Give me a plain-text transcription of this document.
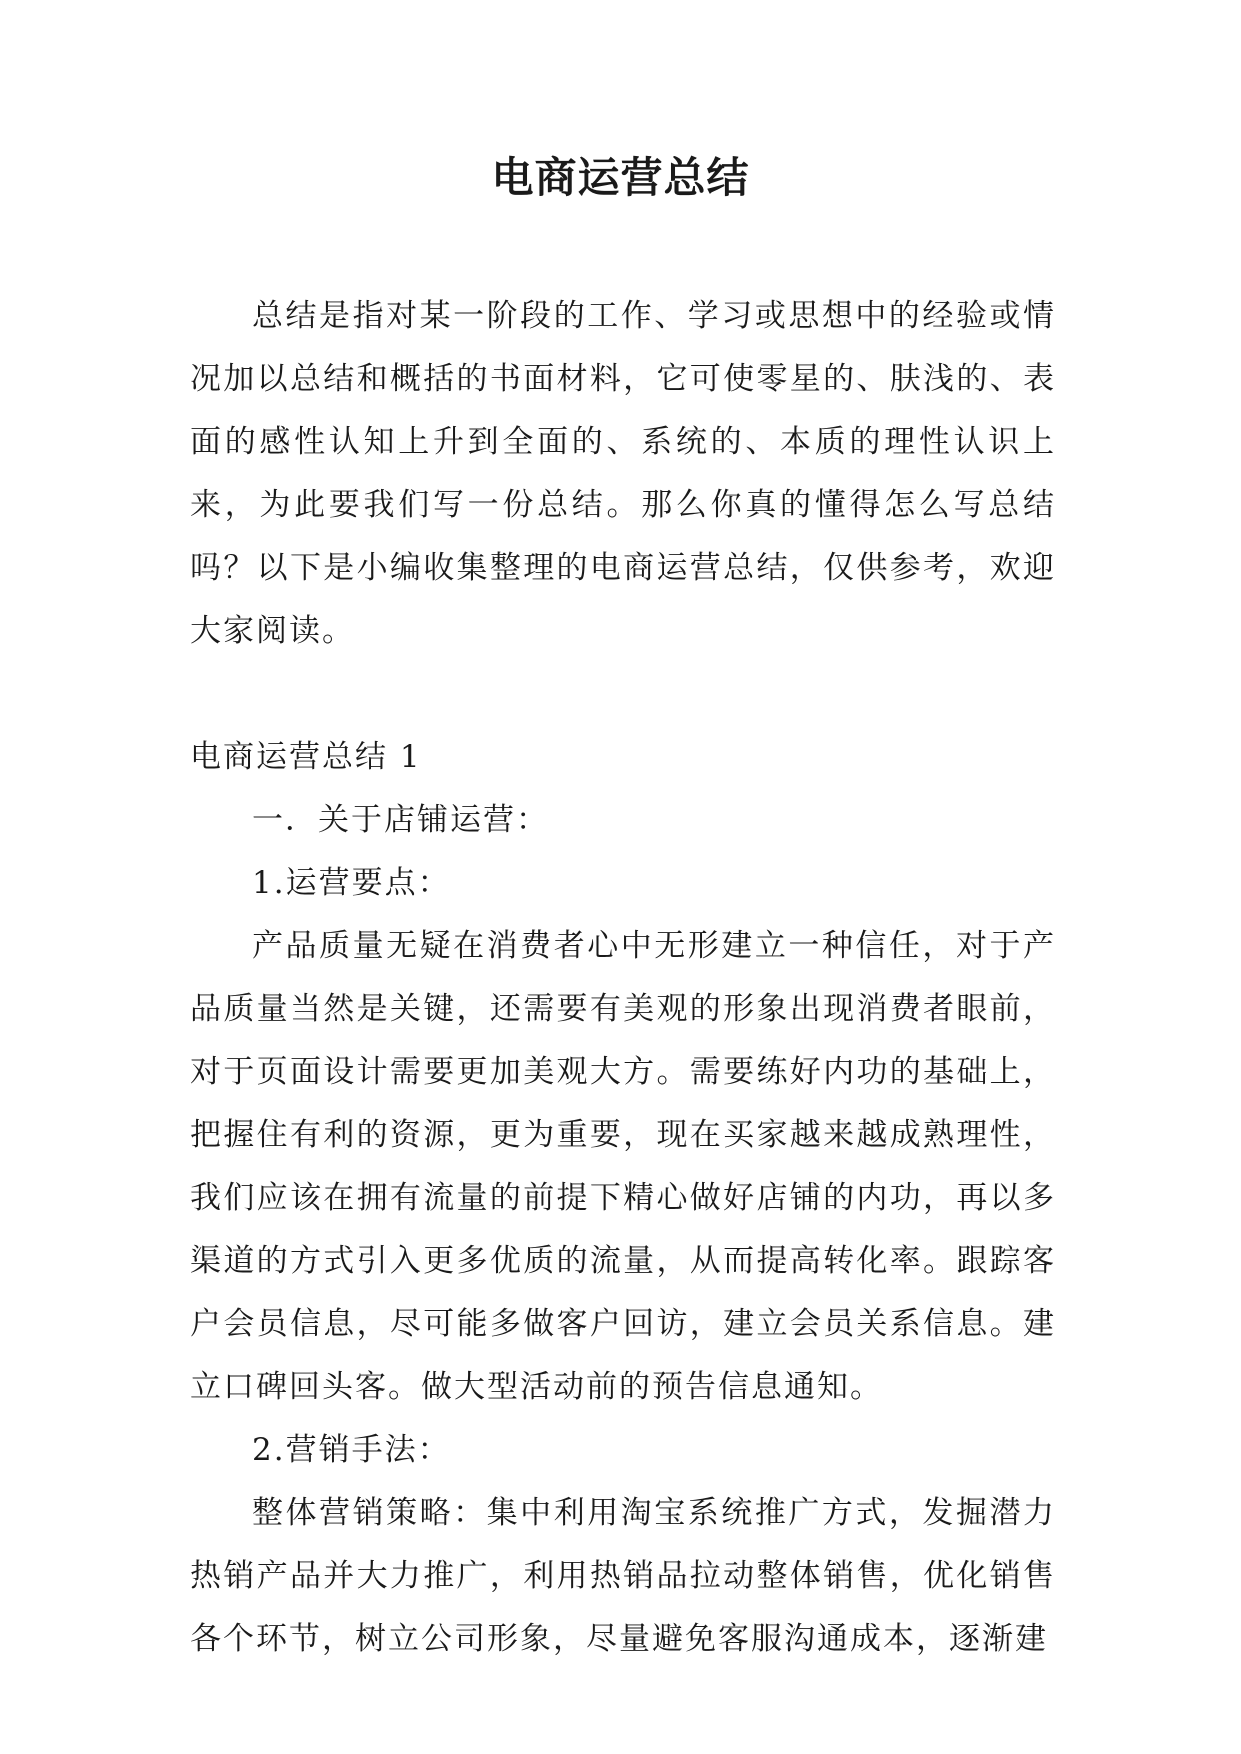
电商运营总结

总结是指对某一阶段的工作、学习或思想中的经验或情况加以总结和概括的书面材料，它可使零星的、肤浅的、表面的感性认知上升到全面的、系统的、本质的理性认识上来，为此要我们写一份总结。那么你真的懂得怎么写总结吗？以下是小编收集整理的电商运营总结，仅供参考，欢迎大家阅读。

电商运营总结 1

一．关于店铺运营：

1.运营要点：

产品质量无疑在消费者心中无形建立一种信任，对于产品质量当然是关键，还需要有美观的形象出现消费者眼前，对于页面设计需要更加美观大方。需要练好内功的基础上，把握住有利的资源，更为重要，现在买家越来越成熟理性，我们应该在拥有流量的前提下精心做好店铺的内功，再以多渠道的方式引入更多优质的流量，从而提高转化率。跟踪客户会员信息，尽可能多做客户回访，建立会员关系信息。建立口碑回头客。做大型活动前的预告信息通知。

2.营销手法：

整体营销策略：集中利用淘宝系统推广方式，发掘潜力热销产品并大力推广，利用热销品拉动整体销售，优化销售各个环节，树立公司形象，尽量避免客服沟通成本，逐渐建
